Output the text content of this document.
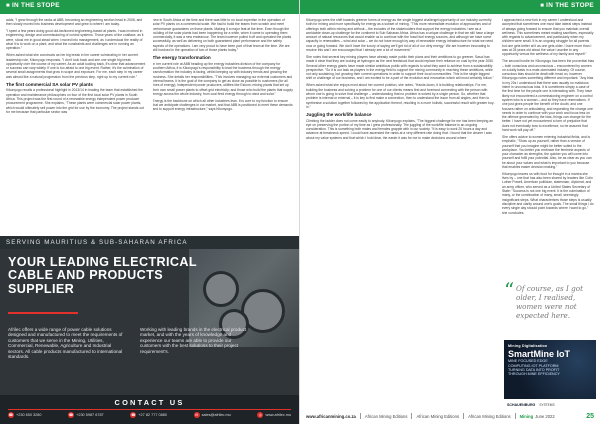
■ IN THE STOPE

adds, "I grew through the ranks at ABB, becoming an engineering section head in 2008, and then slowly moved into business development and grew to where I am today.

"I spent a few years doing good old-fashioned engineering-based at plants. I was involved in engineering, design and commissioning of control systems. Those years of the coalface, as it were, stood me in good stead when I moved into management, as I understood the reality of what it is to work on a plant, and what the constraints and challenges are in running an operation."

When asked what she constructs as her big break in her career culminating in her current leadership role, Kikonyogo responds, "I don't look back and see one single big break opportunity over the course of my career. As an adult looking back, it's clear that advancement or success can vary widely. If one is too afraid to one big event. Rather, it's the culmination of several small assignments that grow in scope and exposure. For me, each step in my career was almost like a natural progression from the previous step, right up to my current role."

The first commercial SA solar PV plants

Kikonyogo recalls a professional highlight in 2013/14 in leading the team that established the operation and maintenance philosophies on four of the first local solar PV plants in South Africa. This project was the first round of a renewable energy independent power producer procurement programme. She explains, "These plants were commercial solar power plants, which would ultimately sell power into the grid for use by the economy. The project stands out for me because that particular sector was

new in South Africa at the time and there was little to no local expertise in the operation of solar PV plants on a commercial scale. We had to build the teams from scratch and meet performance guarantees on those plants. Making it a major feat at the time. Even though the building of the solar plants had been happening for a while, when it came to operating them commercially, it was a new endeavour. The team however pulled it off and operated the plants successfully, as well as delivering on both guaranteed plant performance and the safety aspects of the operations. I am very proud to have been part of that team at the time. We are still involved in the operation of two of those plants today."

The energy transformation

In her current role at ABB heading up the energy industries division of the company for southern Africa, it is Kikonyogo's responsibility to lead the business through the energy transformation the industry is facing, whilst keeping up with industry trends and growing the business. She details her responsibilities, "This involves managing our external customers and internal teams. It is the goal of the company to get as close as possible to customers (for all lines of energy); independent power producers, utilities like Eskom; mining plants that set up their own small power plants to offset grid electricity; and those who build the plants that supply energy across the whole industry, from coal fired energy through to wind and solar."

Energy is the backbone on which all other industries lean. It is core to my function to ensure that we anticipate challenges in our market, and that ABB is positioned to meet these demands and to support energy infrastructure," says Kikonyogo.

SERVING MAURITIUS & SUB-SAHARAN AFRICA
YOUR LEADING ELECTRICAL CABLE AND PRODUCTS SUPPLIER
Afrilec offers a wide range of power cable solutions designed and manufactured to meet the requirements of customers that we serve in the Mining, Utilities, Commercial, Renewable, Agriculture and Industrial sectors. All cable products manufactured to international standards.
Working with leading brands in the electrical product market, and with the years of knowledge and experience our teams are able to provide our customers with the best solutions to their project requirement's.
CONTACT US
☎ +230 650 3280	☎ +230 5987 6787	☎ +27 82 777 0880	✉ sales@afrilec.mu	◎ www.afrilec.mu
■ IN THE STOPE

Kikonyogo sees the shift towards greener forms of energy as the single biggest challenge/opportunity of our industry currently both for mining and more specifically for energy as a subset of mining. "This more necessitate evolution of approaches and of offerings both within mining and without – the includes of the stakeholders that support the energy industries / see as a worldwide clean-up challenge for the continent to Sub Saharan Africa. Africa has a unique challenge in that we still have a large amount of natural resources that would enable us to continue with the fossil fuel energy sources, and although we have some capacity in renewables – wind and solar – we do not have enough by way of renewable energy infrastructure for what we need now or going forward. We don't have the luxury of saying we'll get rid of all of our dirty energy.' We are however innovating to resolve this and I am encouraged that I already see a lot of movement."

She notes that several key mining players have already made public their plans and their ambitions to go greener. Sasol has made it clear that they are looking at hydrogen as the next feedstock that would replace their reliance on coal by the year 2050. Several other energy giants have made similar ambitious public with regards to what they want to achieve from a sustainability perspective. "So it is our task as players in the energy field to support the mining community in reaching these ambitions, while not only sustaining, but growing their current operations in order to support their local communities. This is the single biggest shift or challenge of our business, and I am excited to be a part of the evolution and innovation which will most certainly follow."

When asked what she enjoys most about her current position, she notes, "Hands down, it is building relationships. For me, building the business and solving a problem for one of our clients means first and foremost connecting with the person with whom one is going to solve that challenge – understanding that no problem is solved by a single person. So, whether that problem is internal or external – it is key to first make a connection, then to understand the issue from all angles, and then to synthesise a solution together followed by the application thereof, resulting in a more holistic, successful result with greater buy-in."

Juggling the work/life balance

Climbing the ladder does not come easily to anybody. Kikonyogo explains, "The biggest challenge for me has been keeping an eye on preserving the portion of my time as I grew professionally. The juggling of the work/life balance is an ongoing consideration. This is something both males and females grapple with in our society. "It is easy to work 20 hours a day and advance at breakneck speed. I could have ascended the ranks at a very different rate doing that. I found that the clearer I was about my value systems and that which I hold dear, the easier it was for me to make decisions around where

I approached a new fork in my career I understood and accepted that sometimes one must take lateral steps instead of always going forward to ensure that you maintain overall wellness. This sometimes meant making sacrifices, especially with regards to advancement, and particularly when my children were small. It is an ongoing struggle for all parents but one gets better at it as one gets older. I have more than I was at 28 years old about the value I ascribe to any opportunity versus the wellness of my family and myself."

The second hurdle for Kikonyogo has been the proverbial bias – both conscious and unconscious – encountered by women on a daily basis in a male-dominated industry. Of course, conscious bias should be dealt with head on, however Kikonyogo notes something different and important. "Any bias in my 20s I understood that there was usually no malicious intent in unconscious bias. It is sometimes simply a case of the first time for the people one is interacting with. They have likely not encountered a commissioning engineer on a control system who is a woman – and so they have reservations. If one just gives people the benefit of the doubt, and one focuses rather on articulating, and requesting the change one needs in order to continue with your work and focus less on the offence generated by the bias, things can change for the better. I have not yet encountered a form of prejudice that does not eventually bow to excellence, so be assured that hard work will pay off."

She offers advice to women entering industrial fields, and is emphatic, "Show up as yourself, rather than a version of yourself that you imagine might be better suited to the workplace. You better you embrace the feminine aspects of your character as strengths, the quicker you will come into yourself and fulfil your potential. Also, be as clear as you can be about your values and what is important to you because that enables easier decision making."

Kikonyogo leaves us with food for thought in a mantra she lives by – one that has also been shared by leaders like Colin Luther Powell, American politician, statesman, diplomat, and an army officer, who served as a United States Secretary of State: "Success is not one big event. It is the culmination of many, or the combination of many, small, seemingly insignificant steps. What characterises those steps is usually discipline and clarity around one's goals. The small things I do every single day should point towards where I want to go," she concludes.

“ Of course, as I got older, I realised, women were not expected here.
Mining Digitalisation
SmartMine IoT
MINE FOCUSED EDGE
COMPUTING IOT PLATFORM
TURNING DATA INTO PROFIT
THROUGH MINE EFFICIENCY
SCHAUENBURG SYSTEMS
www.africanmining.co.za African Mining Editions African Mining Editions African Mining Editions Mining June 2022	25
